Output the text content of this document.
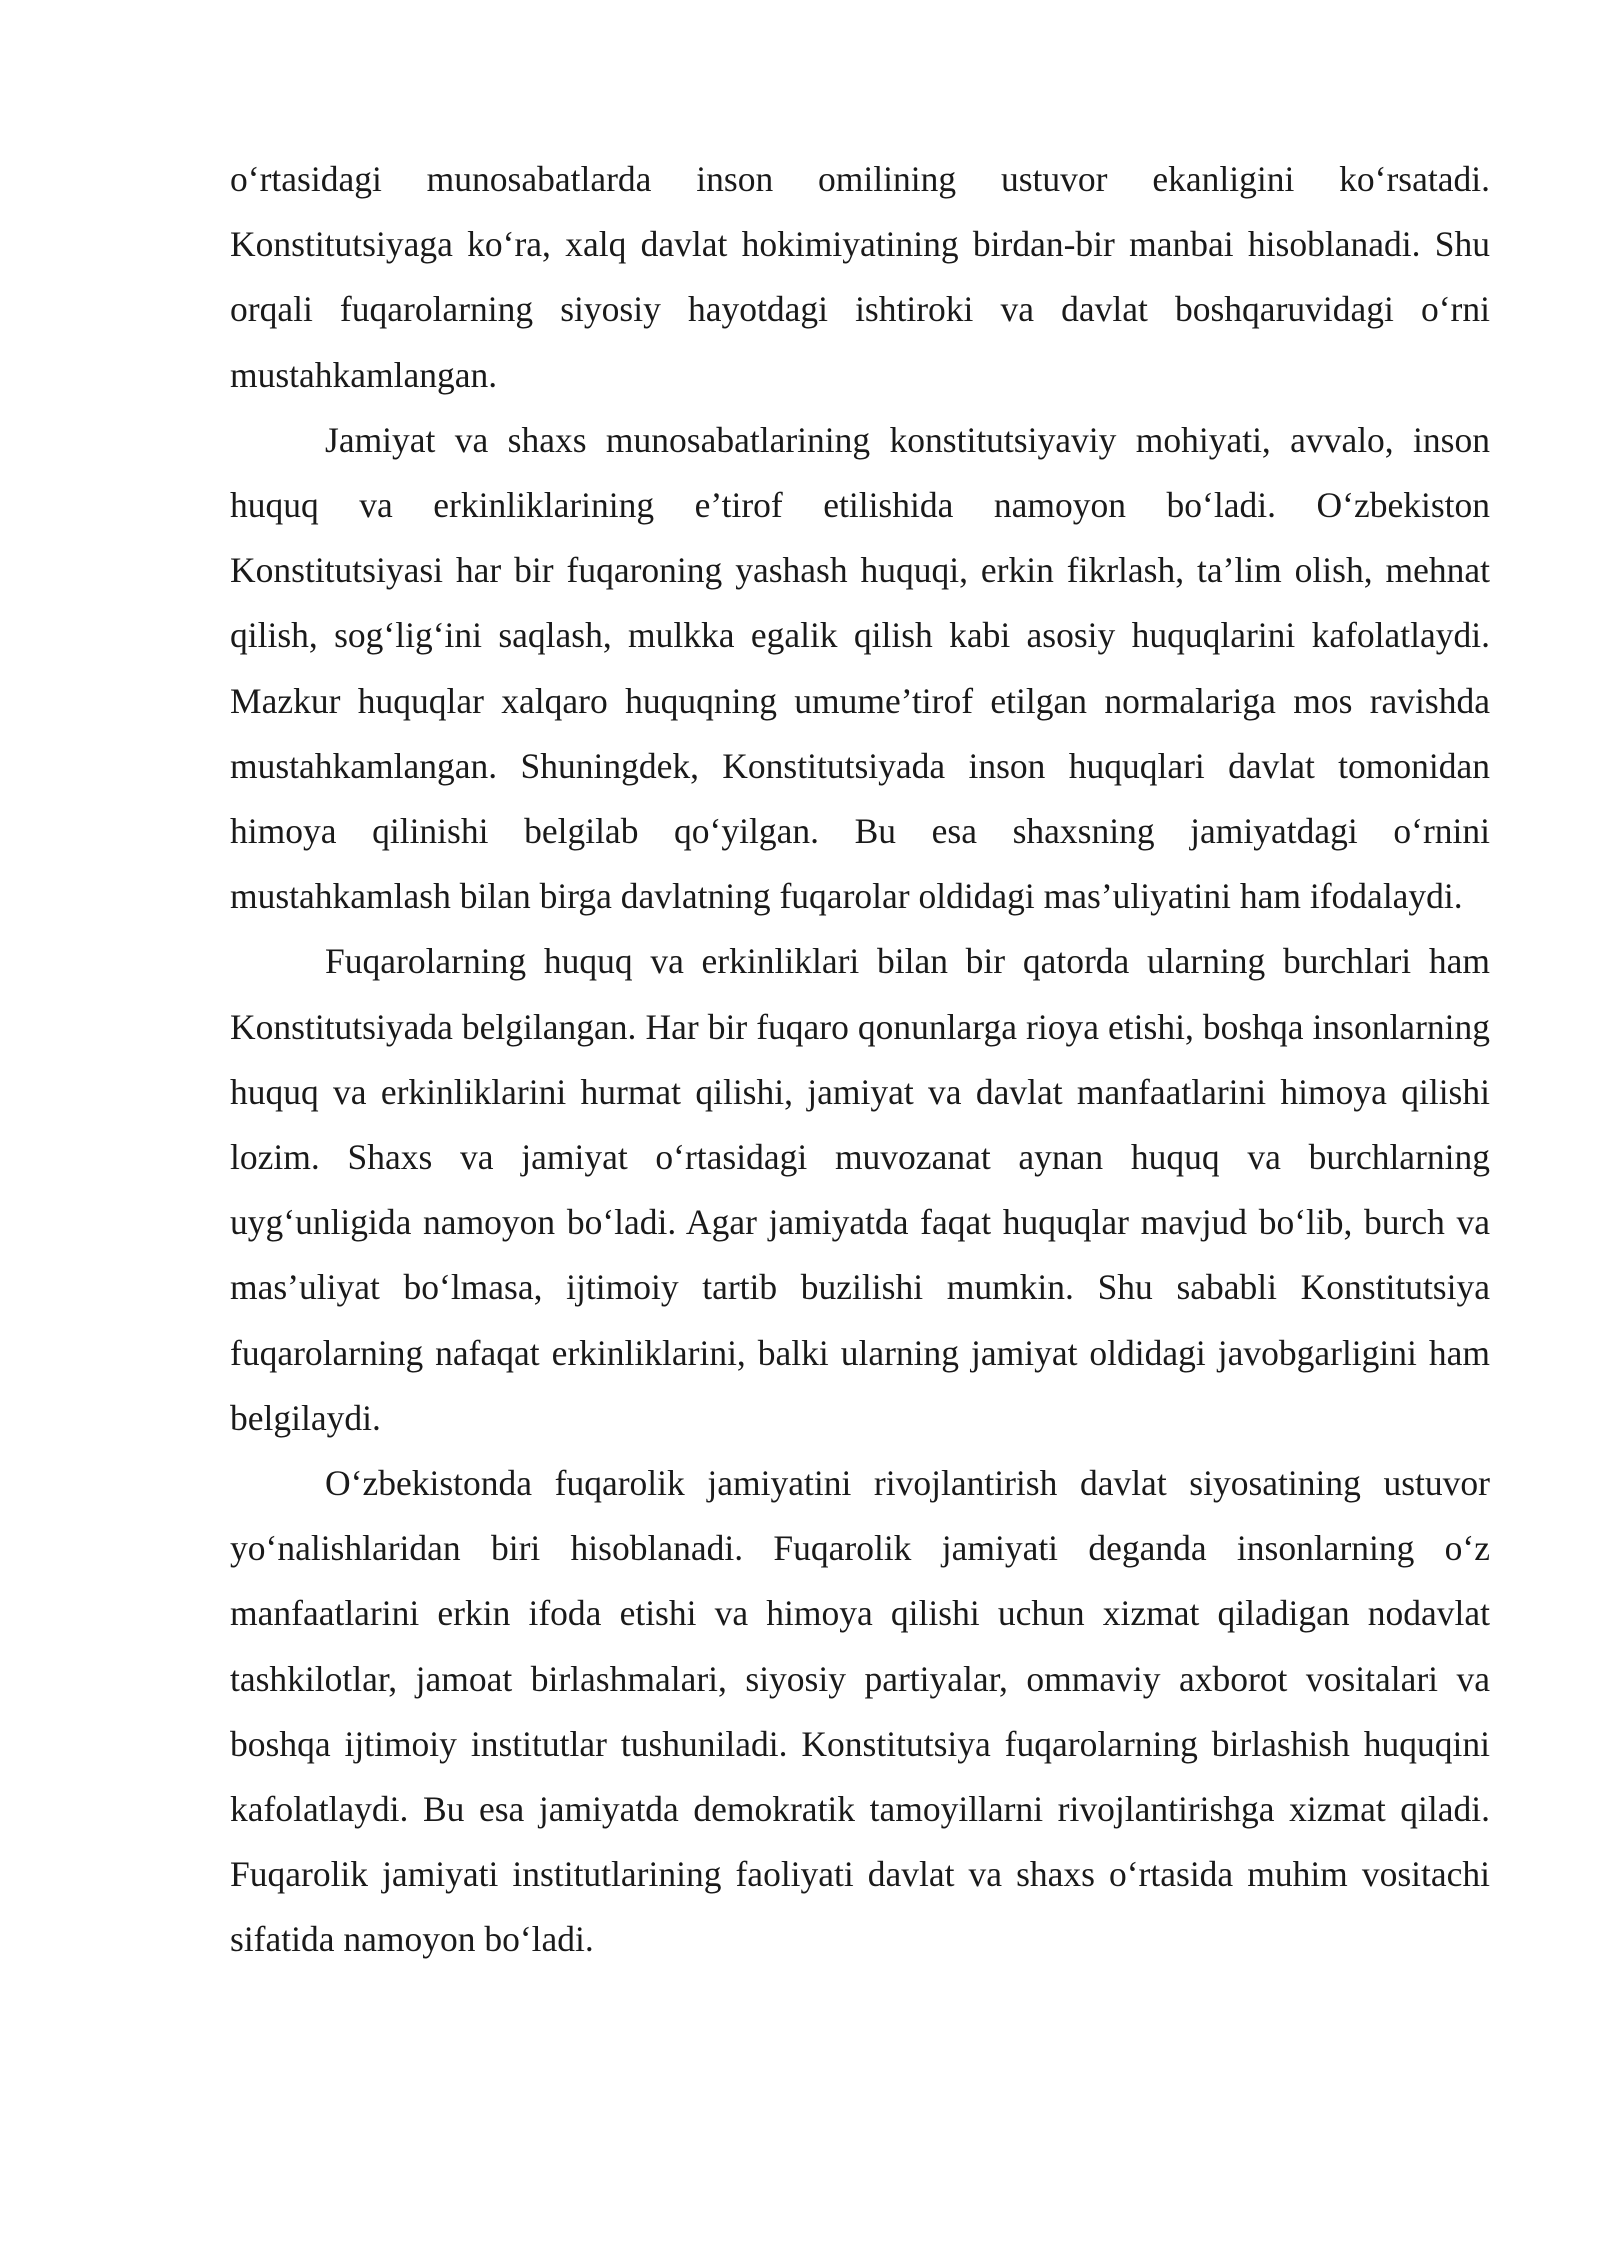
oʻrtasidagi munosabatlarda inson omilining ustuvor ekanligini koʻrsatadi. Konstitutsiyaga koʻra, xalq davlat hokimiyatining birdan-bir manbai hisoblanadi. Shu orqali fuqarolarning siyosiy hayotdagi ishtiroki va davlat boshqaruvidagi oʻrni mustahkamlangan.

Jamiyat va shaxs munosabatlarining konstitutsiyaviy mohiyati, avvalo, inson huquq va erkinliklarining e’tirof etilishida namoyon boʻladi. Oʻzbekiston Konstitutsiyasi har bir fuqaroning yashash huquqi, erkin fikrlash, ta’lim olish, mehnat qilish, sogʻligʻini saqlash, mulkka egalik qilish kabi asosiy huquqlarini kafolatlaydi. Mazkur huquqlar xalqaro huquqning umume’tirof etilgan normalariga mos ravishda mustahkamlangan. Shuningdek, Konstitutsiyada inson huquqlari davlat tomonidan himoya qilinishi belgilab qoʻyilgan. Bu esa shaxsning jamiyatdagi oʻrnini mustahkamlash bilan birga davlatning fuqarolar oldidagi mas’uliyatini ham ifodalaydi.

Fuqarolarning huquq va erkinliklari bilan bir qatorda ularning burchlari ham Konstitutsiyada belgilangan. Har bir fuqaro qonunlarga rioya etishi, boshqa insonlarning huquq va erkinliklarini hurmat qilishi, jamiyat va davlat manfaatlarini himoya qilishi lozim. Shaxs va jamiyat oʻrtasidagi muvozanat aynan huquq va burchlarning uygʻunligida namoyon boʻladi. Agar jamiyatda faqat huquqlar mavjud boʻlib, burch va mas’uliyat boʻlmasa, ijtimoiy tartib buzilishi mumkin. Shu sababli Konstitutsiya fuqarolarning nafaqat erkinliklarini, balki ularning jamiyat oldidagi javobgarligini ham belgilaydi.

Oʻzbekistonda fuqarolik jamiyatini rivojlantirish davlat siyosatining ustuvor yoʻnalishlaridan biri hisoblanadi. Fuqarolik jamiyati deganda insonlarning oʻz manfaatlarini erkin ifoda etishi va himoya qilishi uchun xizmat qiladigan nodavlat tashkilotlar, jamoat birlashmalari, siyosiy partiyalar, ommaviy axborot vositalari va boshqa ijtimoiy institutlar tushuniladi. Konstitutsiya fuqarolarning birlashish huquqini kafolatlaydi. Bu esa jamiyatda demokratik tamoyillarni rivojlantirishga xizmat qiladi. Fuqarolik jamiyati institutlarining faoliyati davlat va shaxs oʻrtasida muhim vositachi sifatida namoyon boʻladi.
